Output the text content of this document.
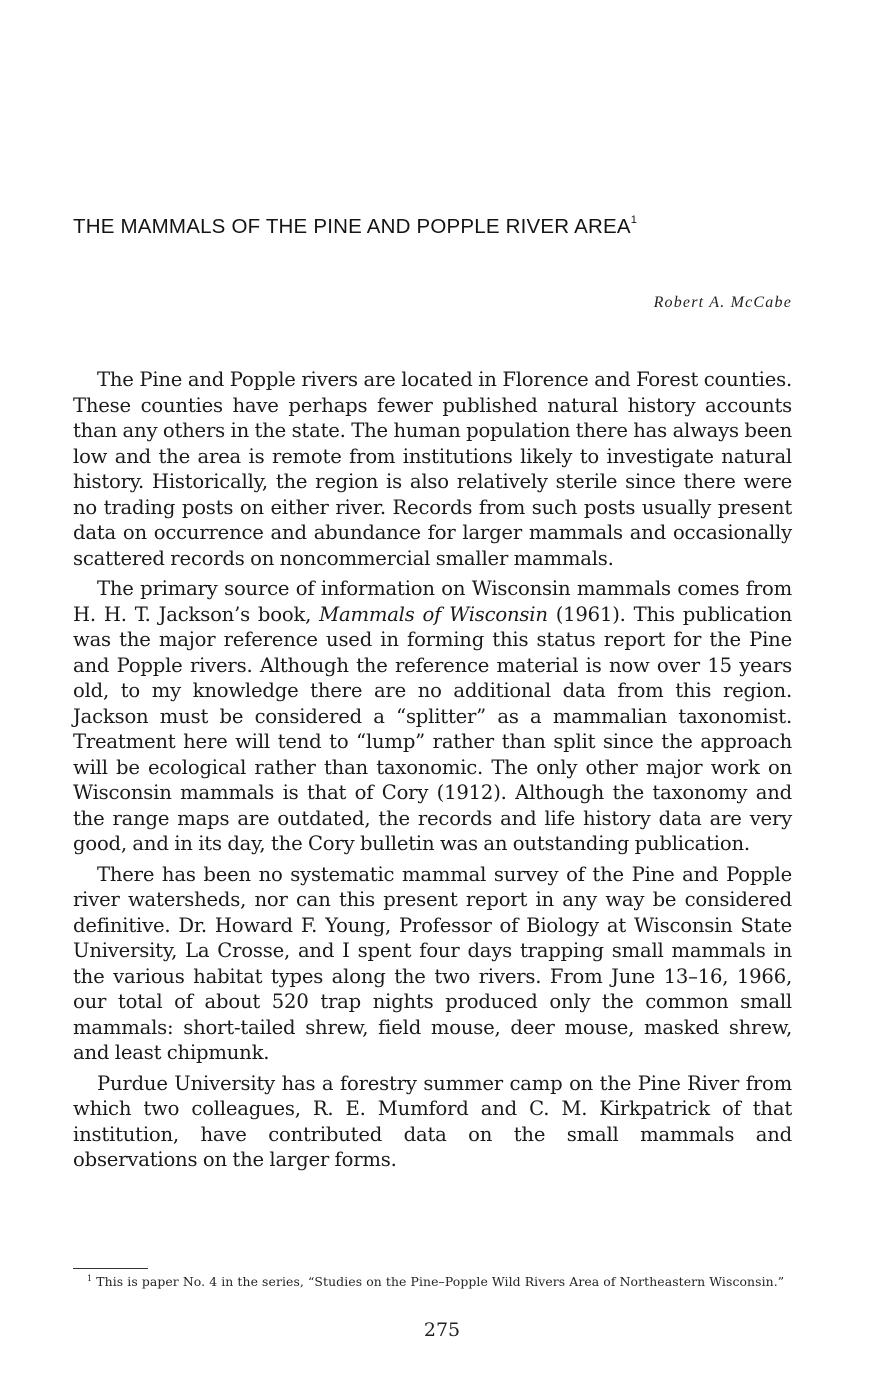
THE MAMMALS OF THE PINE AND POPPLE RIVER AREA$^1$
Robert A. McCabe

The Pine and Popple rivers are located in Florence and Forest counties. These counties have perhaps fewer published natural history accounts than any others in the state. The human population there has always been low and the area is remote from institutions likely to investigate natural history. Historically, the region is also relatively sterile since there were no trading posts on either river. Records from such posts usually present data on occurrence and abundance for larger mammals and occasionally scattered records on noncommercial smaller mammals.

The primary source of information on Wisconsin mammals comes from H. H. T. Jackson’s book, Mammals of Wisconsin (1961). This publication was the major reference used in forming this status report for the Pine and Popple rivers. Although the reference material is now over 15 years old, to my knowledge there are no additional data from this region. Jackson must be considered a “splitter” as a mammalian taxonomist. Treatment here will tend to “lump” rather than split since the approach will be ecological rather than taxonomic. The only other major work on Wisconsin mammals is that of Cory (1912). Although the taxonomy and the range maps are outdated, the records and life history data are very good, and in its day, the Cory bulletin was an outstanding publication.

There has been no systematic mammal survey of the Pine and Popple river watersheds, nor can this present report in any way be considered definitive. Dr. Howard F. Young, Professor of Biology at Wisconsin State University, La Crosse, and I spent four days trapping small mammals in the various habitat types along the two rivers. From June 13–16, 1966, our total of about 520 trap nights produced only the common small mammals: short-tailed shrew, field mouse, deer mouse, masked shrew, and least chipmunk.

Purdue University has a forestry summer camp on the Pine River from which two colleagues, R. E. Mumford and C. M. Kirkpatrick of that institution, have contributed data on the small mammals and observations on the larger forms.

$^1$ This is paper No. 4 in the series, “Studies on the Pine–Popple Wild Rivers Area of Northeastern Wisconsin.”
275
